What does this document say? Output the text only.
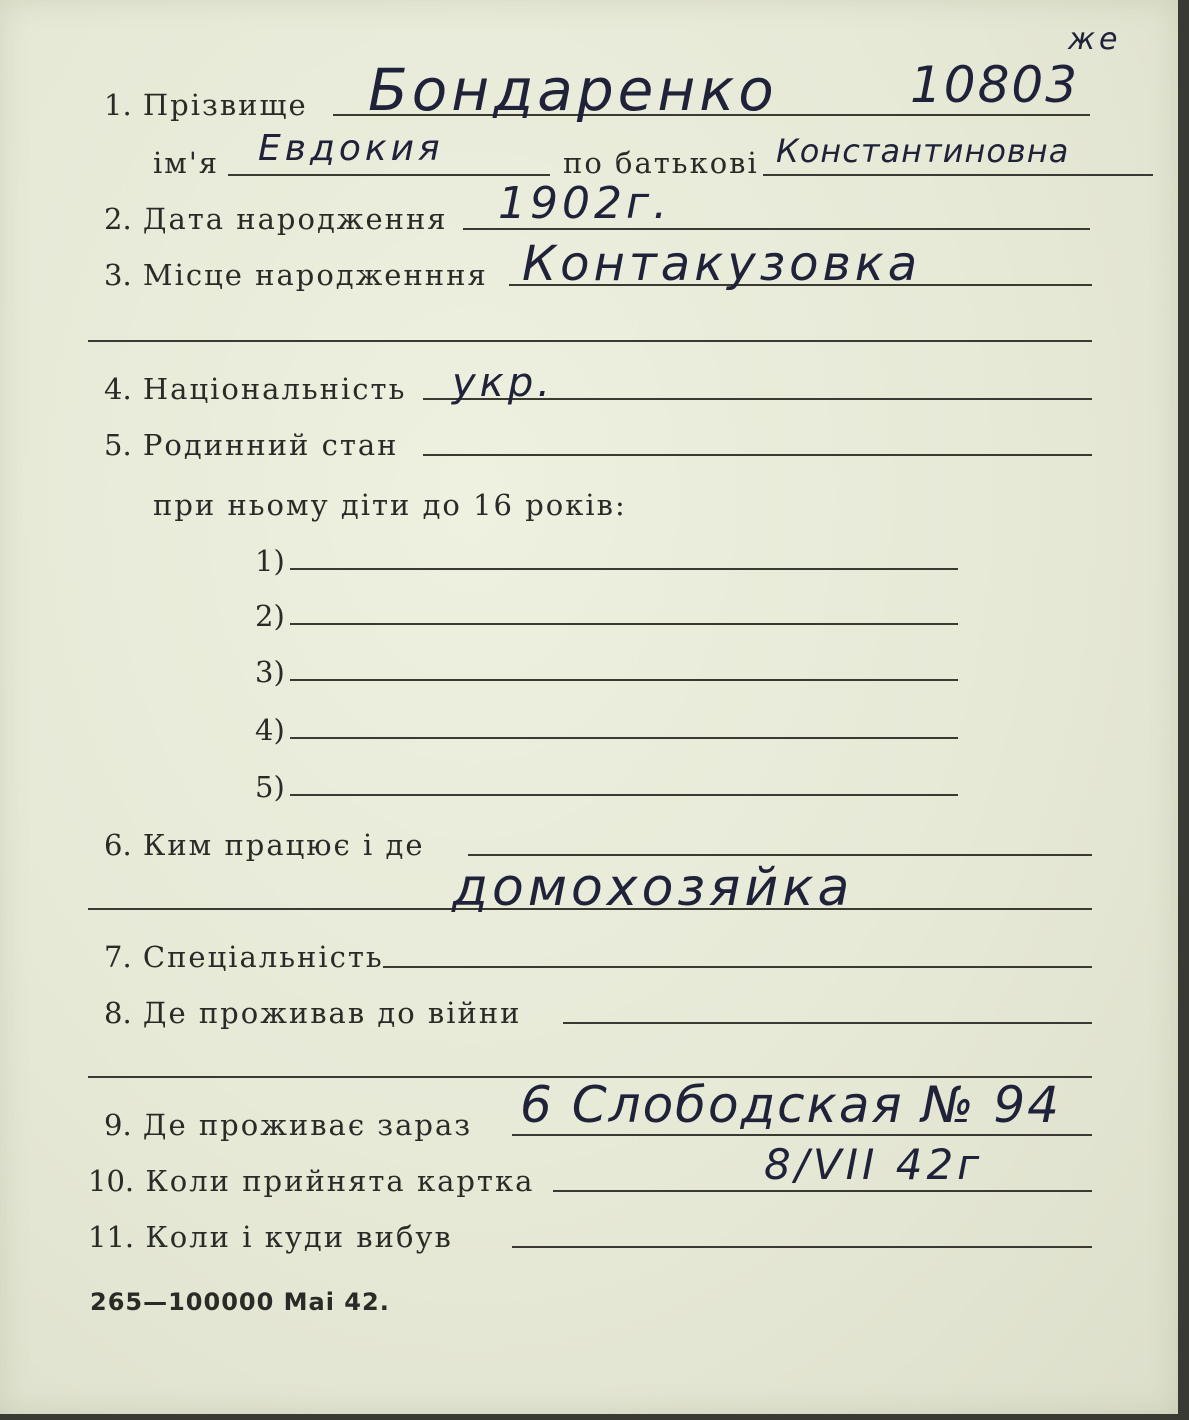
1. Прізвище Бондаренко	10803
же
ім'я Евдокия	по батькові Константиновна
2. Дата народження 1902г.
3. Місце народженння Контакузовка
4. Національність укр.
5. Родинний стан
при ньому діти до 16 років:
1)
2)
3)
4)
5)
6. Ким працює і де
домохозяйка
7. Спеціальність
8. Де проживав до війни
9. Де проживає зараз 6 Слободская № 94
10. Коли прийнята картка	8/VII 42г
11. Коли і куди вибув
265—100000 Mai 42.
